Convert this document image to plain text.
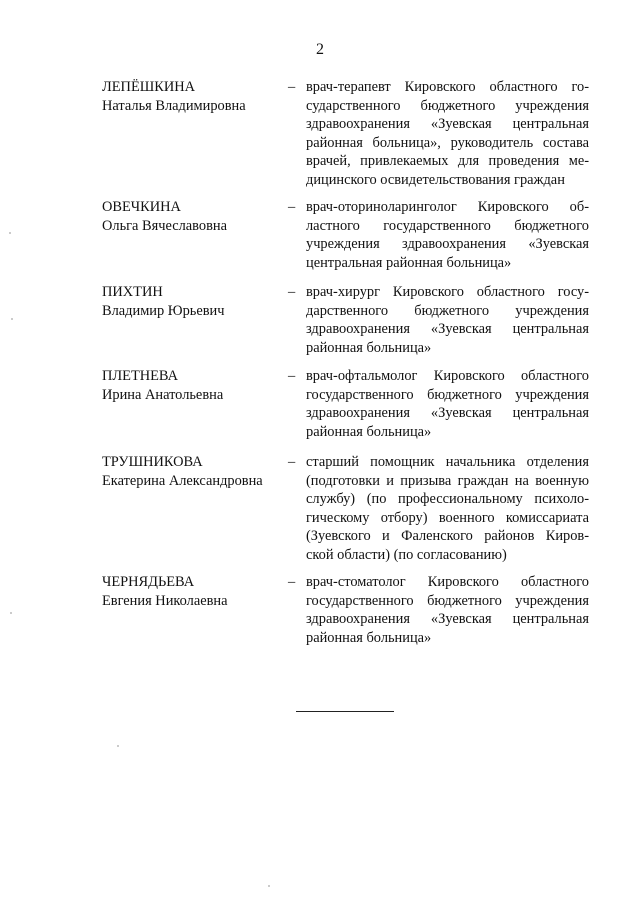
2
ЛЕПЁШКИНА
Наталья Владимировна
– врач-терапевт Кировского областного го-
сударственного бюджетного учреждения
здравоохранения «Зуевская центральная
районная больница», руководитель состава
врачей, привлекаемых для проведения ме-
дицинского освидетельствования граждан
ОВЕЧКИНА
Ольга Вячеславовна
– врач-оториноларинголог Кировского об-
ластного государственного бюджетного
учреждения здравоохранения «Зуевская
центральная районная больница»
ПИХТИН
Владимир Юрьевич
– врач-хирург Кировского областного госу-
дарственного бюджетного учреждения
здравоохранения «Зуевская центральная
районная больница»
ПЛЕТНЕВА
Ирина Анатольевна
– врач-офтальмолог Кировского областного
государственного бюджетного учреждения
здравоохранения «Зуевская центральная
районная больница»
ТРУШНИКОВА
Екатерина Александровна
– старший помощник начальника отделения
(подготовки и призыва граждан на военную
службу) (по профессиональному психоло-
гическому отбору) военного комиссариата
(Зуевского и Фаленского районов Киров-
ской области) (по согласованию)
ЧЕРНЯДЬЕВА
Евгения Николаевна
– врач-стоматолог Кировского областного
государственного бюджетного учреждения
здравоохранения «Зуевская центральная
районная больница»
